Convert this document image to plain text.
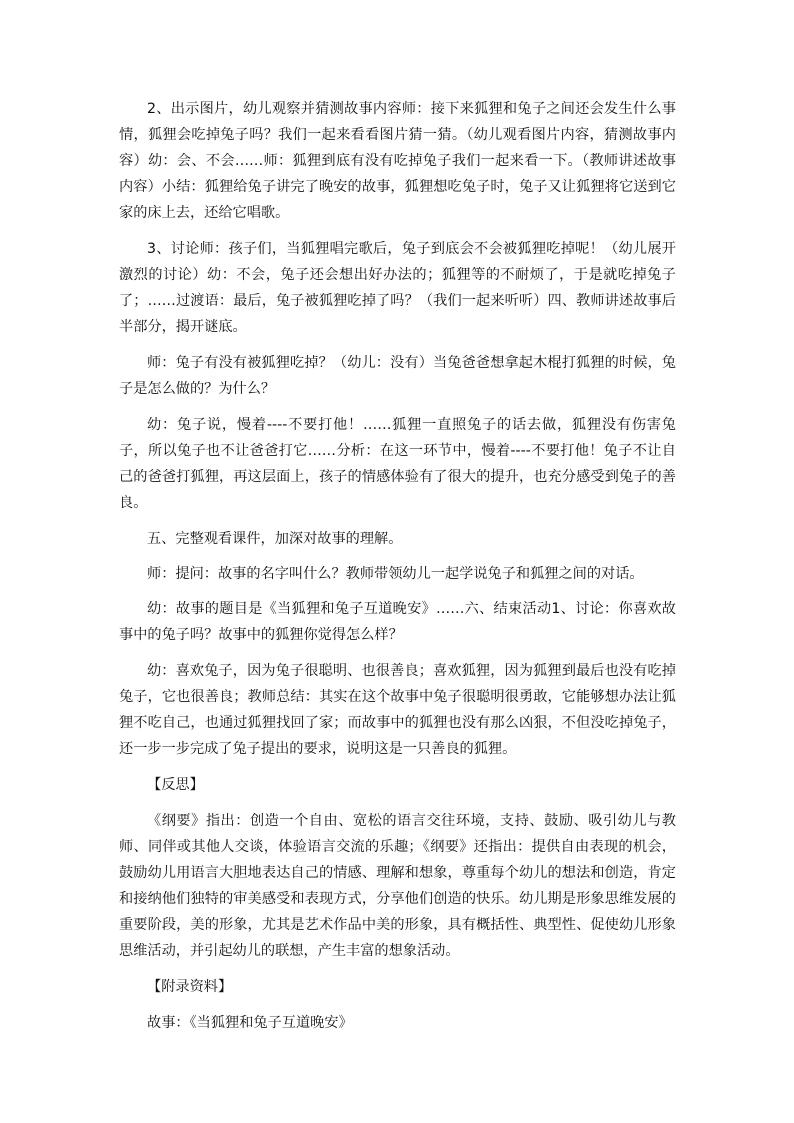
2、出示图片，幼儿观察并猜测故事内容师：接下来狐狸和兔子之间还会发生什么事情，狐狸会吃掉兔子吗？我们一起来看看图片猜一猜。（幼儿观看图片内容，猜测故事内容）幼：会、不会……师：狐狸到底有没有吃掉兔子我们一起来看一下。（教师讲述故事内容）小结：狐狸给兔子讲完了晚安的故事，狐狸想吃兔子时，兔子又让狐狸将它送到它家的床上去，还给它唱歌。

3、讨论师：孩子们，当狐狸唱完歌后，兔子到底会不会被狐狸吃掉呢！（幼儿展开激烈的讨论）幼：不会，兔子还会想出好办法的；狐狸等的不耐烦了，于是就吃掉兔子了；……过渡语：最后，兔子被狐狸吃掉了吗？（我们一起来听听）四、教师讲述故事后半部分，揭开谜底。

师：兔子有没有被狐狸吃掉？（幼儿：没有）当兔爸爸想拿起木棍打狐狸的时候，兔子是怎么做的？为什么？

幼：兔子说，慢着----不要打他！……狐狸一直照兔子的话去做，狐狸没有伤害兔子，所以兔子也不让爸爸打它……分析：在这一环节中，慢着----不要打他！兔子不让自己的爸爸打狐狸，再这层面上，孩子的情感体验有了很大的提升，也充分感受到兔子的善良。

五、完整观看课件，加深对故事的理解。

师：提问：故事的名字叫什么？教师带领幼儿一起学说兔子和狐狸之间的对话。

幼：故事的题目是《当狐狸和兔子互道晚安》……六、结束活动1、讨论：你喜欢故事中的兔子吗？故事中的狐狸你觉得怎么样？

幼：喜欢兔子，因为兔子很聪明、也很善良；喜欢狐狸，因为狐狸到最后也没有吃掉兔子，它也很善良；教师总结：其实在这个故事中兔子很聪明很勇敢，它能够想办法让狐狸不吃自己，也通过狐狸找回了家；而故事中的狐狸也没有那么凶狠，不但没吃掉兔子，还一步一步完成了兔子提出的要求，说明这是一只善良的狐狸。

【反思】

《纲要》指出：创造一个自由、宽松的语言交往环境，支持、鼓励、吸引幼儿与教师、同伴或其他人交谈，体验语言交流的乐趣；《纲要》还指出：提供自由表现的机会，鼓励幼儿用语言大胆地表达自己的情感、理解和想象，尊重每个幼儿的想法和创造，肯定和接纳他们独特的审美感受和表现方式，分享他们创造的快乐。幼儿期是形象思维发展的重要阶段，美的形象，尤其是艺术作品中美的形象，具有概括性、典型性、促使幼儿形象思维活动，并引起幼儿的联想，产生丰富的想象活动。

【附录资料】

故事：《当狐狸和兔子互道晚安》
